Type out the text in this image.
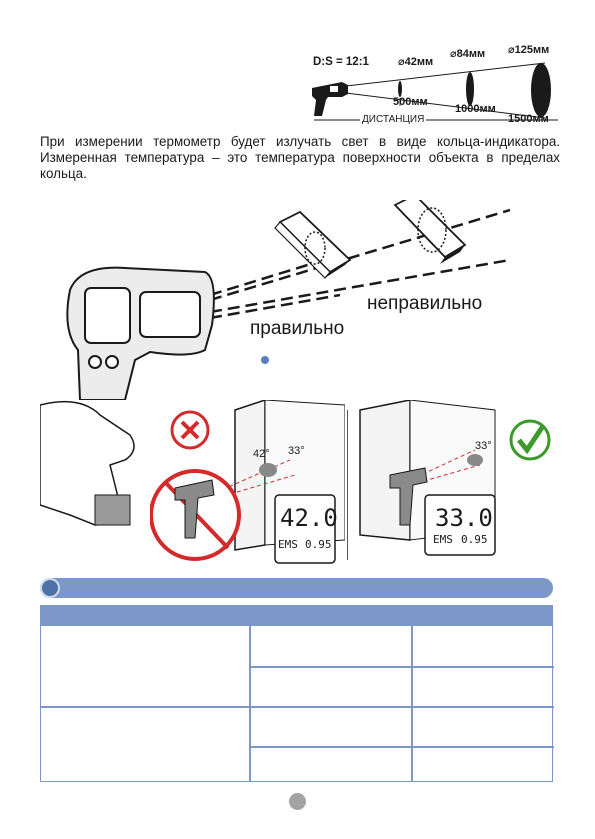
D:S = 12:1	⌀42мм
⌀84мм ⌀125мм
500мм
1000мм
1500мм
ДИСТАНЦИЯ
При измерении термометр будет излучать свет в виде кольца-индикатора. Измеренная температура – это температура поверхности объекта в пределах кольца.
правильно
неправильно
42° 33°
42.0
EMS 0.95
33°
33.0
EMS 0.95
